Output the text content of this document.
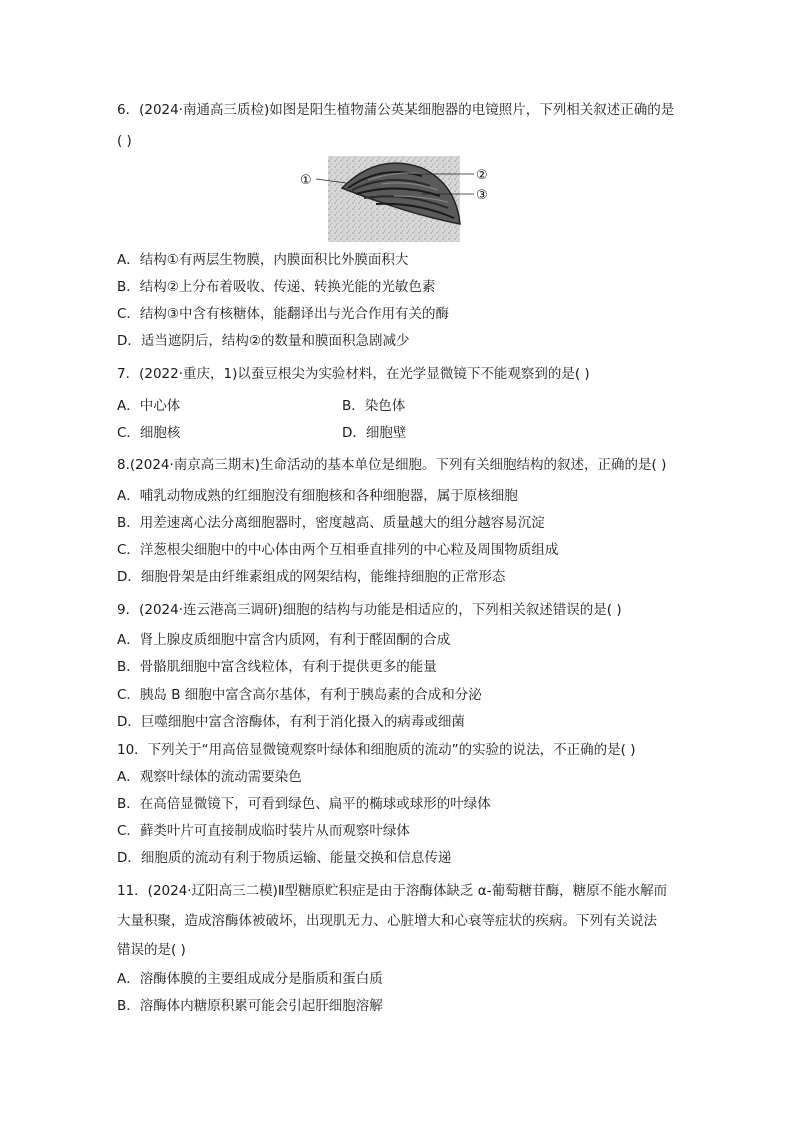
6．(2024·南通高三质检)如图是阳生植物蒲公英某细胞器的电镜照片，下列相关叙述正确的是
( )
①	②
③
A．结构①有两层生物膜，内膜面积比外膜面积大
B．结构②上分布着吸收、传递、转换光能的光敏色素
C．结构③中含有核糖体，能翻译出与光合作用有关的酶
D．适当遮阴后，结构②的数量和膜面积急剧减少
7．(2022·重庆，1)以蚕豆根尖为实验材料，在光学显微镜下不能观察到的是( )
A．中心体	B．染色体
C．细胞核	D．细胞壁
8.(2024·南京高三期末)生命活动的基本单位是细胞。下列有关细胞结构的叙述，正确的是( )
A．哺乳动物成熟的红细胞没有细胞核和各种细胞器，属于原核细胞
B．用差速离心法分离细胞器时，密度越高、质量越大的组分越容易沉淀
C．洋葱根尖细胞中的中心体由两个互相垂直排列的中心粒及周围物质组成
D．细胞骨架是由纤维素组成的网架结构，能维持细胞的正常形态
9．(2024·连云港高三调研)细胞的结构与功能是相适应的，下列相关叙述错误的是( )
A．肾上腺皮质细胞中富含内质网，有利于醛固酮的合成
B．骨骼肌细胞中富含线粒体，有利于提供更多的能量
C．胰岛 B 细胞中富含高尔基体，有利于胰岛素的合成和分泌
D．巨噬细胞中富含溶酶体，有利于消化摄入的病毒或细菌
10．下列关于“用高倍显微镜观察叶绿体和细胞质的流动”的实验的说法，不正确的是( )
A．观察叶绿体的流动需要染色
B．在高倍显微镜下，可看到绿色、扁平的椭球或球形的叶绿体
C．藓类叶片可直接制成临时装片从而观察叶绿体
D．细胞质的流动有利于物质运输、能量交换和信息传递
11．(2024·辽阳高三二模)Ⅱ型糖原贮积症是由于溶酶体缺乏 α-葡萄糖苷酶，糖原不能水解而
大量积聚，造成溶酶体被破坏，出现肌无力、心脏增大和心衰等症状的疾病。下列有关说法
错误的是( )
A．溶酶体膜的主要组成成分是脂质和蛋白质
B．溶酶体内糖原积累可能会引起肝细胞溶解
